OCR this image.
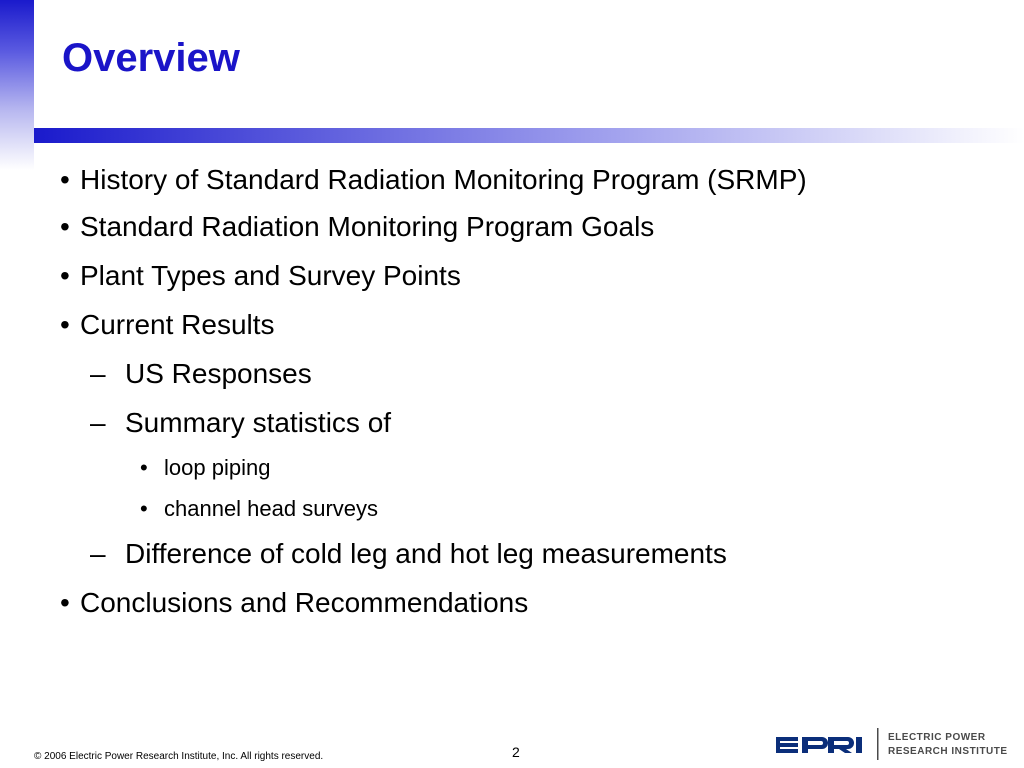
Overview
• History of Standard Radiation Monitoring Program (SRMP)
• Standard Radiation Monitoring Program Goals
• Plant Types and Survey Points
• Current Results
– US Responses
– Summary statistics of
• loop piping
• channel head surveys
– Difference of cold leg and hot leg measurements
• Conclusions and Recommendations
© 2006 Electric Power Research Institute, Inc. All rights reserved.	2
ELECTRIC POWER
RESEARCH INSTITUTE
